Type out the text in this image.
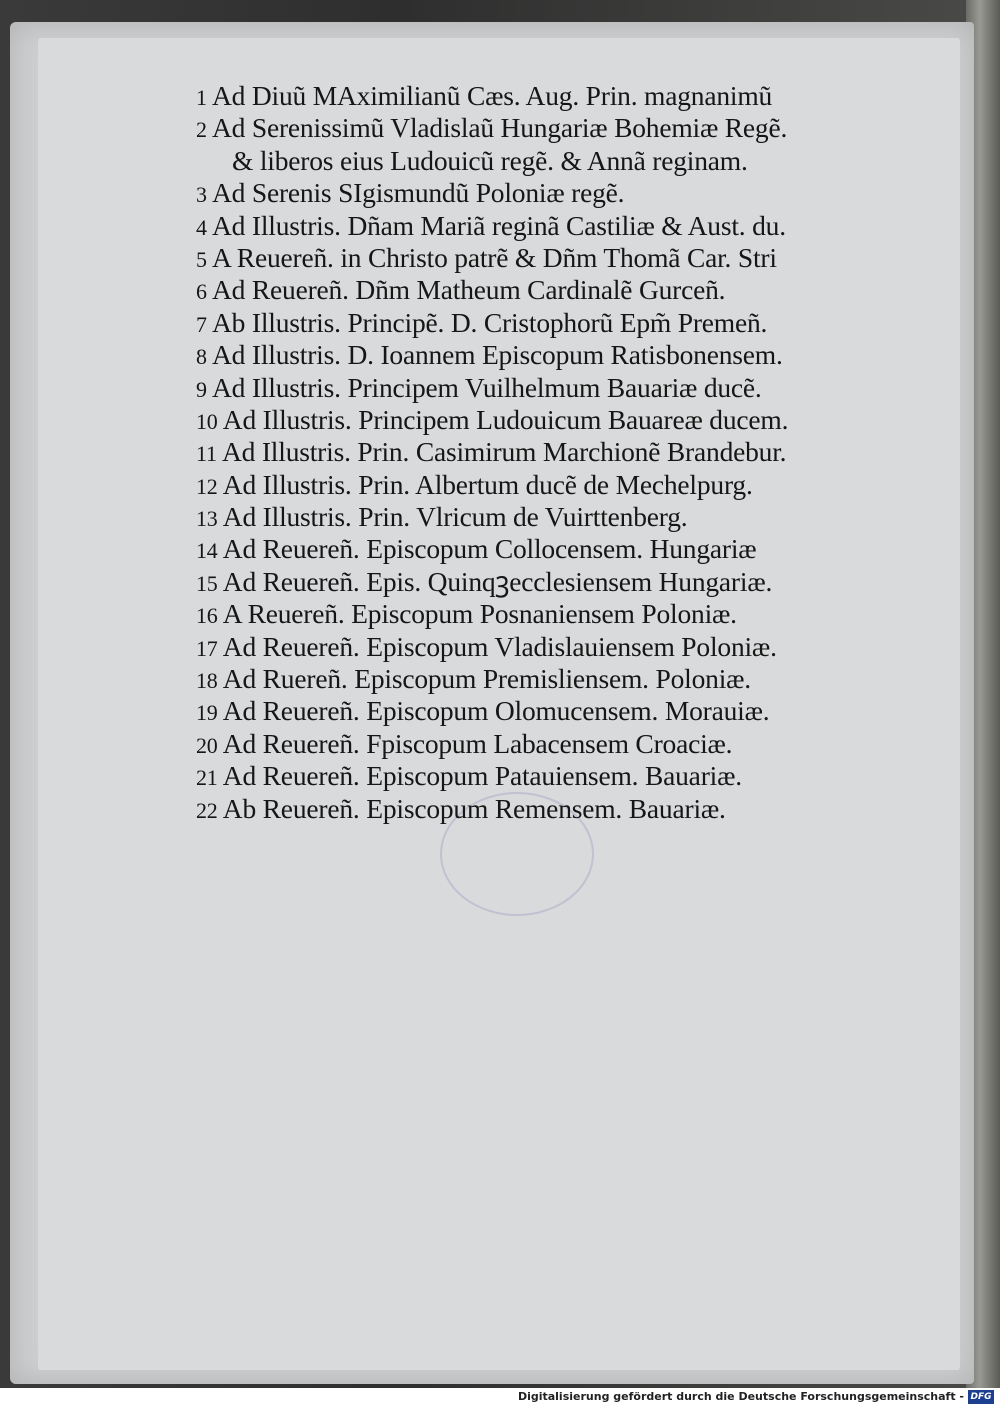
1 Ad Diuũ MAximilianũ Cæs. Aug. Prin. magnanimũ
2 Ad Serenissimũ Vladislaũ Hungariæ Bohemiæ Regẽ.
& liberos eius Ludouicũ regẽ. & Annã reginam.
3 Ad Serenis SIgismundũ Poloniæ regẽ.
4 Ad Illustris. Dñam Mariã reginã Castiliæ & Aust. du.
5 A Reuereñ. in Christo patrẽ & Dñm Thomã Car. Stri
6 Ad Reuereñ. Dñm Matheum Cardinalẽ Gurceñ.
7 Ab Illustris. Principẽ. D. Cristophorũ Epm̃ Premeñ.
8 Ad Illustris. D. Ioannem Episcopum Ratisbonensem.
9 Ad Illustris. Principem Vuilhelmum Bauariæ ducẽ.
10 Ad Illustris. Principem Ludouicum Bauareæ ducem.
11 Ad Illustris. Prin. Casimirum Marchionẽ Brandebur.
12 Ad Illustris. Prin. Albertum ducẽ de Mechelpurg.
13 Ad Illustris. Prin. Vlricum de Vuirttenberg.
14 Ad Reuereñ. Episcopum Collocensem. Hungariæ
15 Ad Reuereñ. Epis. Quinqꝫecclesiensem Hungariæ.
16 A Reuereñ. Episcopum Posnaniensem Poloniæ.
17 Ad Reuereñ. Episcopum Vladislauiensem Poloniæ.
18 Ad Ruereñ. Episcopum Premisliensem. Poloniæ.
19 Ad Reuereñ. Episcopum Olomucensem. Morauiæ.
20 Ad Reuereñ. Fpiscopum Labacensem Croaciæ.
21 Ad Reuereñ. Episcopum Patauiensem. Bauariæ.
22 Ab Reuereñ. Episcopum Remensem. Bauariæ.
Digitalisierung gefördert durch die Deutsche Forschungsgemeinschaft - DFG
